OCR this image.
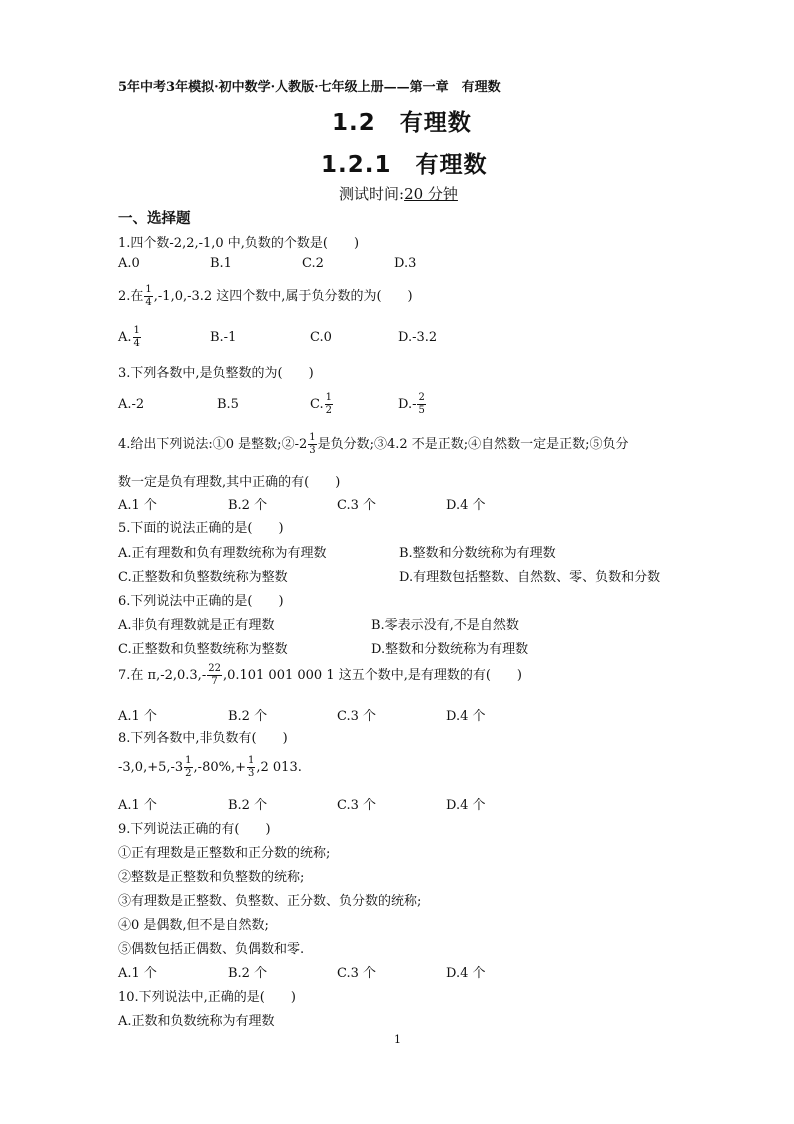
5年中考3年模拟·初中数学·人教版·七年级上册——第一章　有理数
1.2　有理数
1.2.1　有理数
测试时间:20 分钟
一、选择题
1.四个数-2,2,-1,0 中,负数的个数是(　　)
A.0	B.1	C.2	D.3
2.在 $\frac{1}{4} ,-1,0,-3.2$ 这四个数中,属于负分数的为(　　)
A. $\frac{1}{4}$	B.-1	C.0	D.-3.2
3.下列各数中,是负整数的为(　　)
A.-2	B.5	C. $\frac{1}{2}$	$D.- \frac{2}{5}$
4.给出下列说法:①0 是整数;②-2 $\frac{1}{3}$ 是负分数;③4.2 不是正数;④自然数一定是正数;⑤负分
数一定是负有理数,其中正确的有(　　)
A.1 个	B.2 个	C.3 个	D.4 个
5.下面的说法正确的是(　　)
A.正有理数和负有理数统称为有理数	B.整数和分数统称为有理数
C.正整数和负整数统称为整数	D.有理数包括整数、自然数、零、负数和分数
6.下列说法中正确的是(　　)
A.非负有理数就是正有理数	B.零表示没有,不是自然数
C.正整数和负整数统称为整数	D.整数和分数统称为有理数
7.在 $\pi,-2,0.3,- \frac{22}{7} ,0.101$ 001 000 1 这五个数中,是有理数的有(　　)
A.1 个	B.2 个	C.3 个	D.4 个
8.下列各数中,非负数有(　　)
$-3,0,+5,-3 \frac{1}{2} ,-80\%,+ \frac{1}{3} ,2$ 013.
A.1 个	B.2 个	C.3 个	D.4 个
9.下列说法正确的有(　　)
①正有理数是正整数和正分数的统称;
②整数是正整数和负整数的统称;
③有理数是正整数、负整数、正分数、负分数的统称;
④0 是偶数,但不是自然数;
⑤偶数包括正偶数、负偶数和零.
A.1 个	B.2 个	C.3 个	D.4 个
10.下列说法中,正确的是(　　)
A.正数和负数统称为有理数
1
